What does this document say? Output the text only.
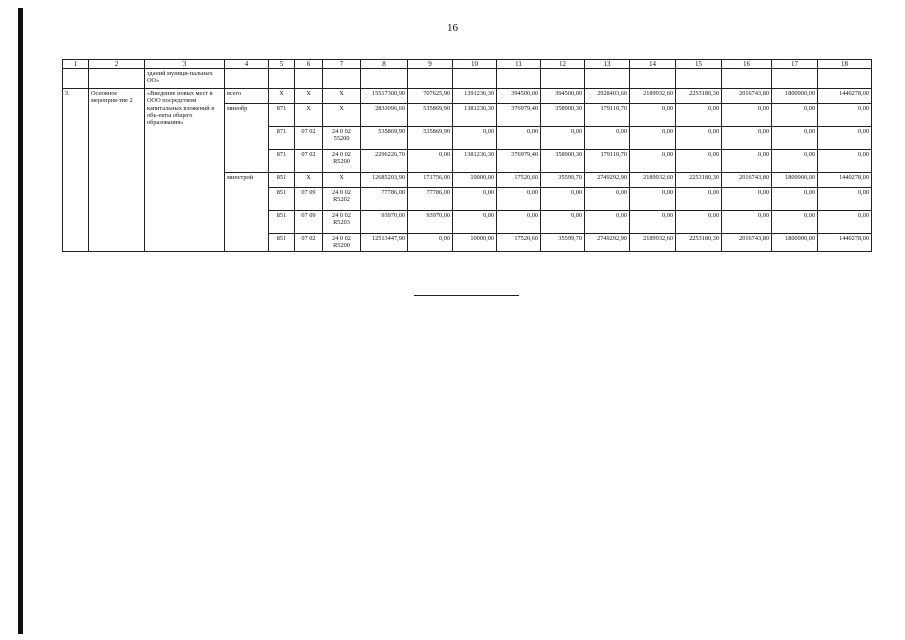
16
1	2	3	4	5	6	7	8	9	10	11	12	13	14	15	16	17	18
		зданий муници-пальных ОО»															
3.	Основное мероприя-тие 2	«Введение новых мест в ООО посредством капитальных вложений в объ-екты общего образования»	всего	X	X	X	15517300,90	707625,90	1391236,30	394500,00	394500,00	2928403,60	2189932,60	2253180,30	2016743,80	1800900,00	1440278,00
			минобр	871	X	X	2833096,60	535869,90	1381236,30	376979,40	358900,30	179110,70	0,00	0,00	0,00	0,00	0,00
				871	07 02	24 0 02 55200	535869,90	535869,90	0,00	0,00	0,00	0,00	0,00	0,00	0,00	0,00	0,00
				871	07 02	24 0 02 R5200	2296226,70	0,00	1381236,30	376979,40	358900,30	179110,70	0,00	0,00	0,00	0,00	0,00
			минстрой	851	X	X	12685203,90	171756,00	10000,00	17520,60	35599,70	2749292,90	2189932,60	2253180,30	2016743,80	1800900,00	1440278,00
				851	07 09	24 0 02 R5202	77786,00	77786,00	0,00	0,00	0,00	0,00	0,00	0,00	0,00	0,00	0,00
				851	07 09	24 0 02 R5203	93970,00	93970,00	0,00	0,00	0,00	0,00	0,00	0,00	0,00	0,00	0,00
				851	07 02	24 0 02 R5200	12513447,90	0,00	10000,00	17520,60	35599,70	2749292,90	2189932,60	2253180,30	2016743,80	1800900,00	1440278,00
